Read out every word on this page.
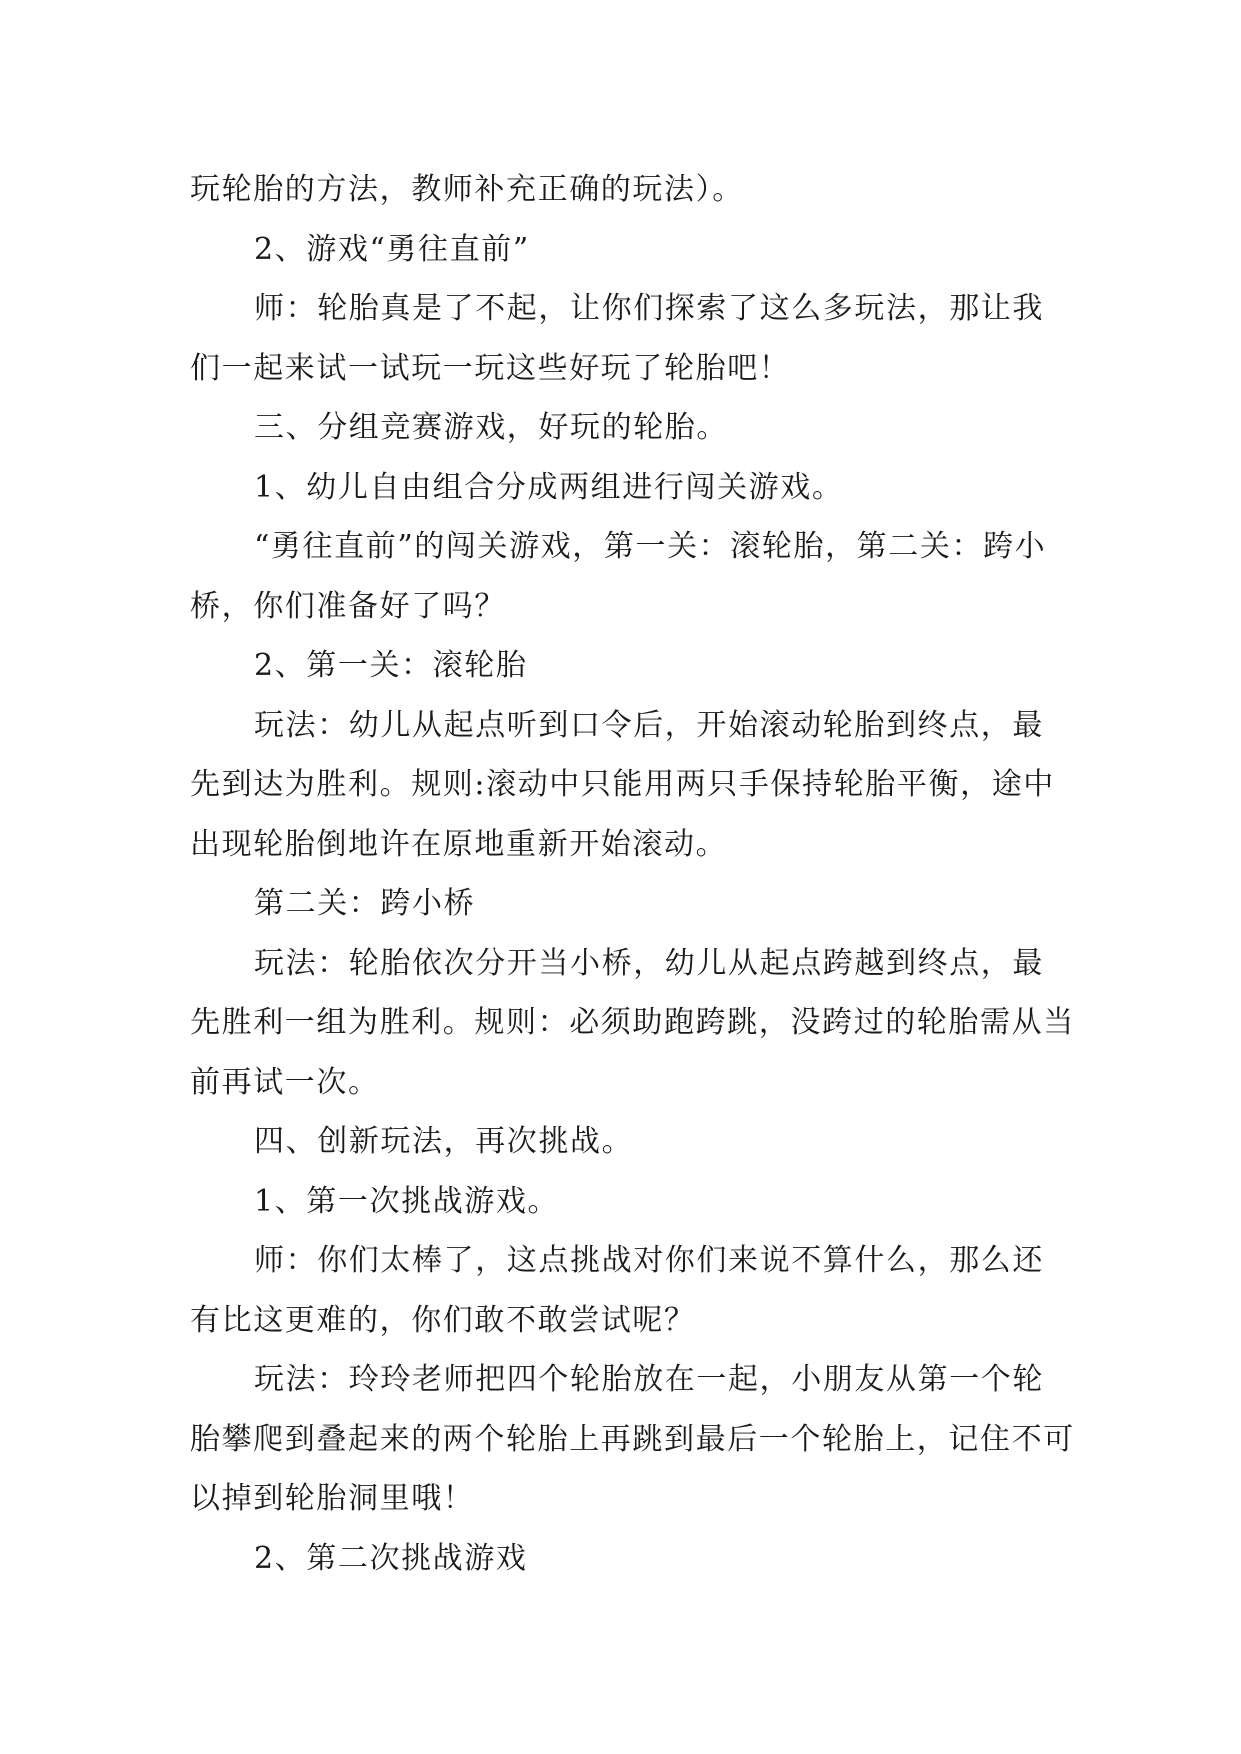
玩轮胎的方法，教师补充正确的玩法）。

2、游戏“勇往直前”

师：轮胎真是了不起，让你们探索了这么多玩法，那让我们一起来试一试玩一玩这些好玩了轮胎吧！

三、分组竞赛游戏，好玩的轮胎。

1、幼儿自由组合分成两组进行闯关游戏。

“勇往直前”的闯关游戏，第一关：滚轮胎，第二关：跨小桥，你们准备好了吗？

2、第一关：滚轮胎

玩法：幼儿从起点听到口令后，开始滚动轮胎到终点，最先到达为胜利。规则:滚动中只能用两只手保持轮胎平衡，途中出现轮胎倒地许在原地重新开始滚动。

第二关：跨小桥

玩法：轮胎依次分开当小桥，幼儿从起点跨越到终点，最先胜利一组为胜利。规则：必须助跑跨跳，没跨过的轮胎需从当前再试一次。

四、创新玩法，再次挑战。

1、第一次挑战游戏。

师：你们太棒了，这点挑战对你们来说不算什么，那么还有比这更难的，你们敢不敢尝试呢？

玩法：玲玲老师把四个轮胎放在一起，小朋友从第一个轮胎攀爬到叠起来的两个轮胎上再跳到最后一个轮胎上，记住不可以掉到轮胎洞里哦！

2、第二次挑战游戏
